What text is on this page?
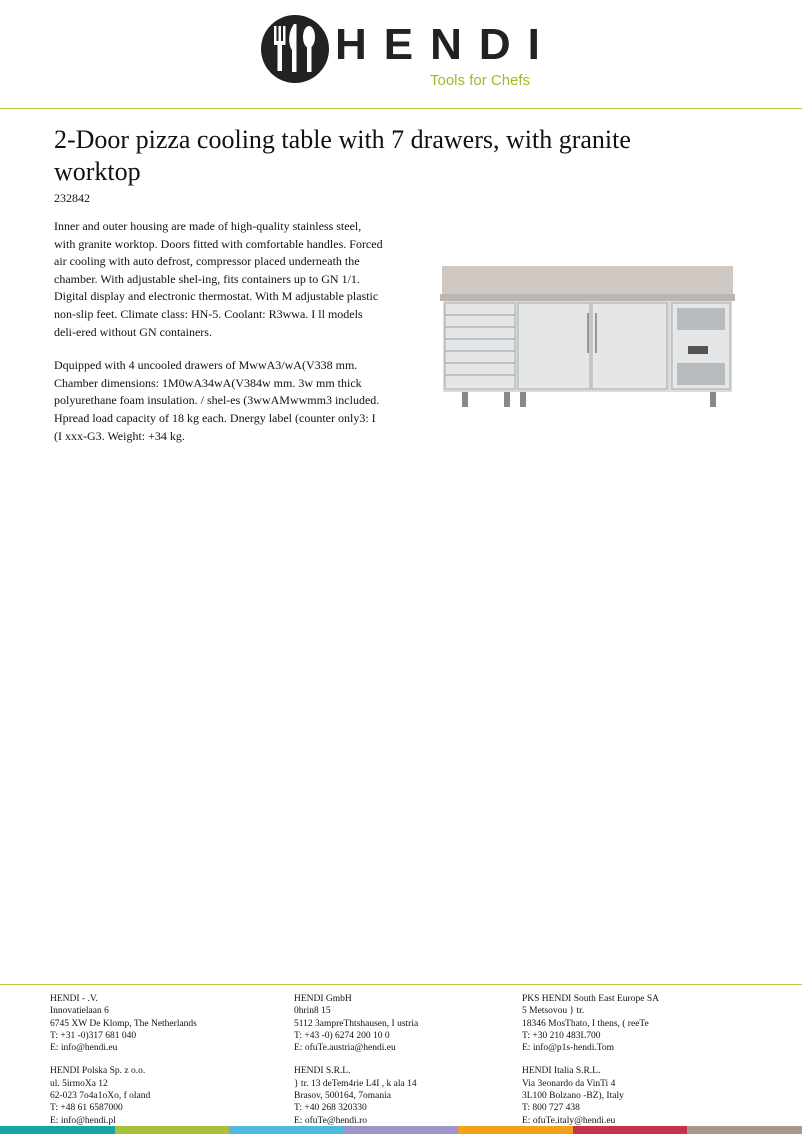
HENDI
Tools for Chefs
2-Door pizza cooling table with 7 drawers, with granite worktop
232842

Inner and outer housing are made of high-quality stainless steel, with granite worktop. Doors fitted with comfortable handles. Forced air cooling with auto defrost, compressor placed underneath the chamber. With adjustable shel-ing, fits containers up to GN 1/1. Digital display and electronic thermostat. With M adjustable plastic non-slip feet. Climate class: HN-5. Coolant: R3wwa. I ll models deli-ered without GN containers.

Dquipped with 4 uncooled drawers of MwwA3/wA(V338 mm. Chamber dimensions: 1M0wA34wA(V384w mm. 3w mm thick polyurethane foam insulation. / shel-es (3wwAMwwmm3 included. Hpread load capacity of 18 kg each. Dnergy label (counter only3: I (I xxx-G3. Weight: +34 kg.

HENDI - .V.
Innovatielaan 6
6745 XW De Klomp, The Netherlands
T: +31 -0)317 681 040
E: info@hendi.eu
HENDI Polska Sp. z o.o.
ul. 5irmoXa 12
62-023 7o4a1oXo, f oland
T: +48 61 6587000
E: info@hendi.pl
HENDI GmbH
0hrin8 15
5112 3ampreThtshausen, I ustria
T: +43 -0) 6274 200 10 0
E: ofuTe.austria@hendi.eu
HENDI S.R.L.
} tr. 13 deTem4rie L4I , k ala 14
Brasov, 500164, 7omania
T: +40 268 320330
E: ofuTe@hendi.ro
PKS HENDI South East Europe SA
5 Metsovou } tr.
18346 MosThato, I thens, ( reeTe
T: +30 210 483L700
E: info@p1s-hendi.Tom
HENDI Italia S.R.L.
Via 3eonardo da VinTi 4
3L100 Bolzano -BZ), Italy
T: 800 727 438
E: ofuTe.italy@hendi.eu
